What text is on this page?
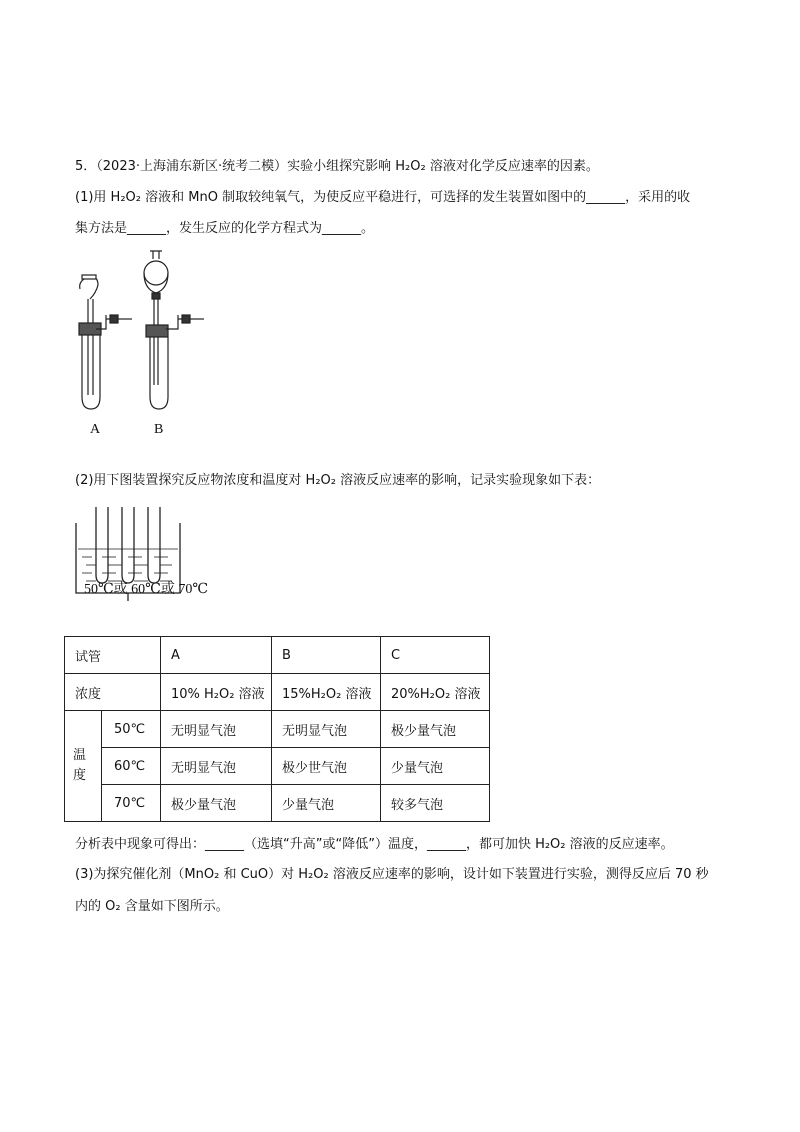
5．（2023·上海浦东新区·统考二模）实验小组探究影响 H₂O₂ 溶液对化学反应速率的因素。
(1)用 H₂O₂ 溶液和 MnO 制取较纯氧气，为使反应平稳进行，可选择的发生装置如图中的______，采用的收
集方法是______，发生反应的化学方程式为______。
A	B
(2)用下图装置探究反应物浓度和温度对 H₂O₂ 溶液反应速率的影响，记录实验现象如下表：
50℃或 60℃或 70℃
试管		A	B	C
浓度		10% H₂O₂ 溶液	15%H₂O₂ 溶液	20%H₂O₂ 溶液
温
度	50℃	无明显气泡	无明显气泡	极少量气泡
	60℃	无明显气泡	极少世气泡	少量气泡
	70℃	极少量气泡	少量气泡	较多气泡
分析表中现象可得出：______（选填“升高”或“降低”）温度，______，都可加快 H₂O₂ 溶液的反应速率。
(3)为探究催化剂（MnO₂ 和 CuO）对 H₂O₂ 溶液反应速率的影响，设计如下装置进行实验，测得反应后 70 秒
内的 O₂ 含量如下图所示。
